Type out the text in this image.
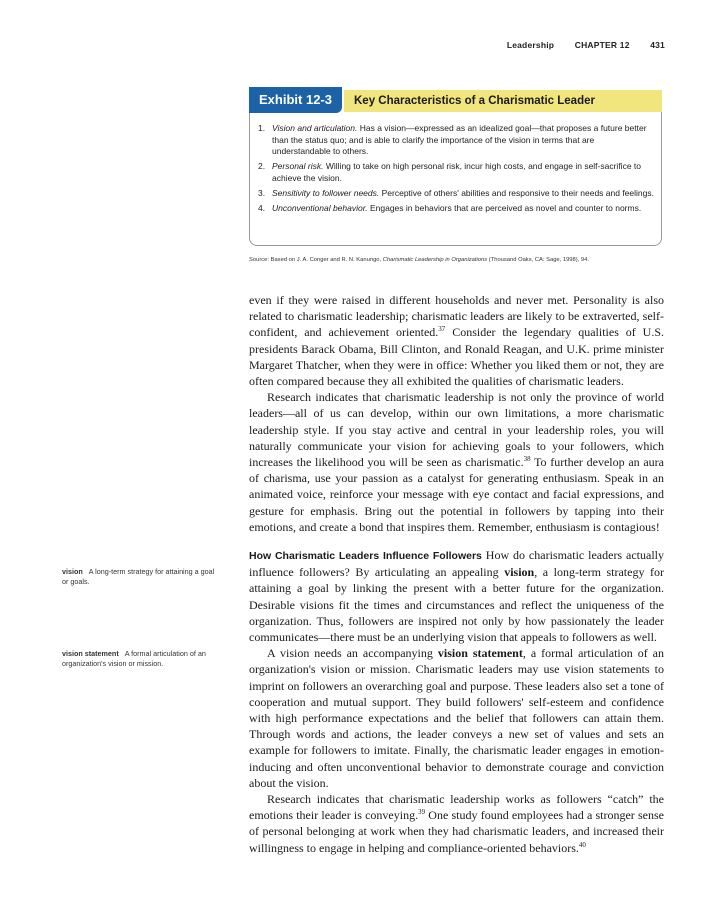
Leadership CHAPTER 12 431
Exhibit 12-3	Key Characteristics of a Charismatic Leader
1. Vision and articulation. Has a vision—expressed as an idealized goal—that proposes a future better than the status quo; and is able to clarify the importance of the vision in terms that are understandable to others.
2. Personal risk. Willing to take on high personal risk, incur high costs, and engage in self-sacrifice to achieve the vision.
3. Sensitivity to follower needs. Perceptive of others' abilities and responsive to their needs and feelings.
4. Unconventional behavior. Engages in behaviors that are perceived as novel and counter to norms.
Source: Based on J. A. Conger and R. N. Kanungo, Charismatic Leadership in Organizations (Thousand Oaks, CA: Sage, 1998), 94.

even if they were raised in different households and never met. Personality is also related to charismatic leadership; charismatic leaders are likely to be extraverted, self-confident, and achievement oriented.$^{37}$ Consider the legendary qualities of U.S. presidents Barack Obama, Bill Clinton, and Ronald Reagan, and U.K. prime minister Margaret Thatcher, when they were in office: Whether you liked them or not, they are often compared because they all exhibited the qualities of charismatic leaders.

Research indicates that charismatic leadership is not only the province of world leaders—all of us can develop, within our own limitations, a more charismatic leadership style. If you stay active and central in your leadership roles, you will naturally communicate your vision for achieving goals to your followers, which increases the likelihood you will be seen as charismatic.$^{38}$ To further develop an aura of charisma, use your passion as a catalyst for generating enthusiasm. Speak in an animated voice, reinforce your message with eye contact and facial expressions, and gesture for emphasis. Bring out the potential in followers by tapping into their emotions, and create a bond that inspires them. Remember, enthusiasm is contagious!

How Charismatic Leaders Influence Followers How do charismatic leaders actually influence followers? By articulating an appealing vision, a long-term strategy for attaining a goal by linking the present with a better future for the organization. Desirable visions fit the times and circumstances and reflect the uniqueness of the organization. Thus, followers are inspired not only by how passionately the leader communicates—there must be an underlying vision that appeals to followers as well.

A vision needs an accompanying vision statement, a formal articulation of an organization's vision or mission. Charismatic leaders may use vision statements to imprint on followers an overarching goal and purpose. These leaders also set a tone of cooperation and mutual support. They build followers' self-esteem and confidence with high performance expectations and the belief that followers can attain them. Through words and actions, the leader conveys a new set of values and sets an example for followers to imitate. Finally, the charismatic leader engages in emotion-inducing and often unconventional behavior to demonstrate courage and conviction about the vision.

Research indicates that charismatic leadership works as followers “catch” the emotions their leader is conveying.$^{39}$ One study found employees had a stronger sense of personal belonging at work when they had charismatic leaders, and increased their willingness to engage in helping and compliance-oriented behaviors.$^{40}$

vision A long-term strategy for attaining a goal or goals.
vision statement A formal articulation of an organization's vision or mission.
